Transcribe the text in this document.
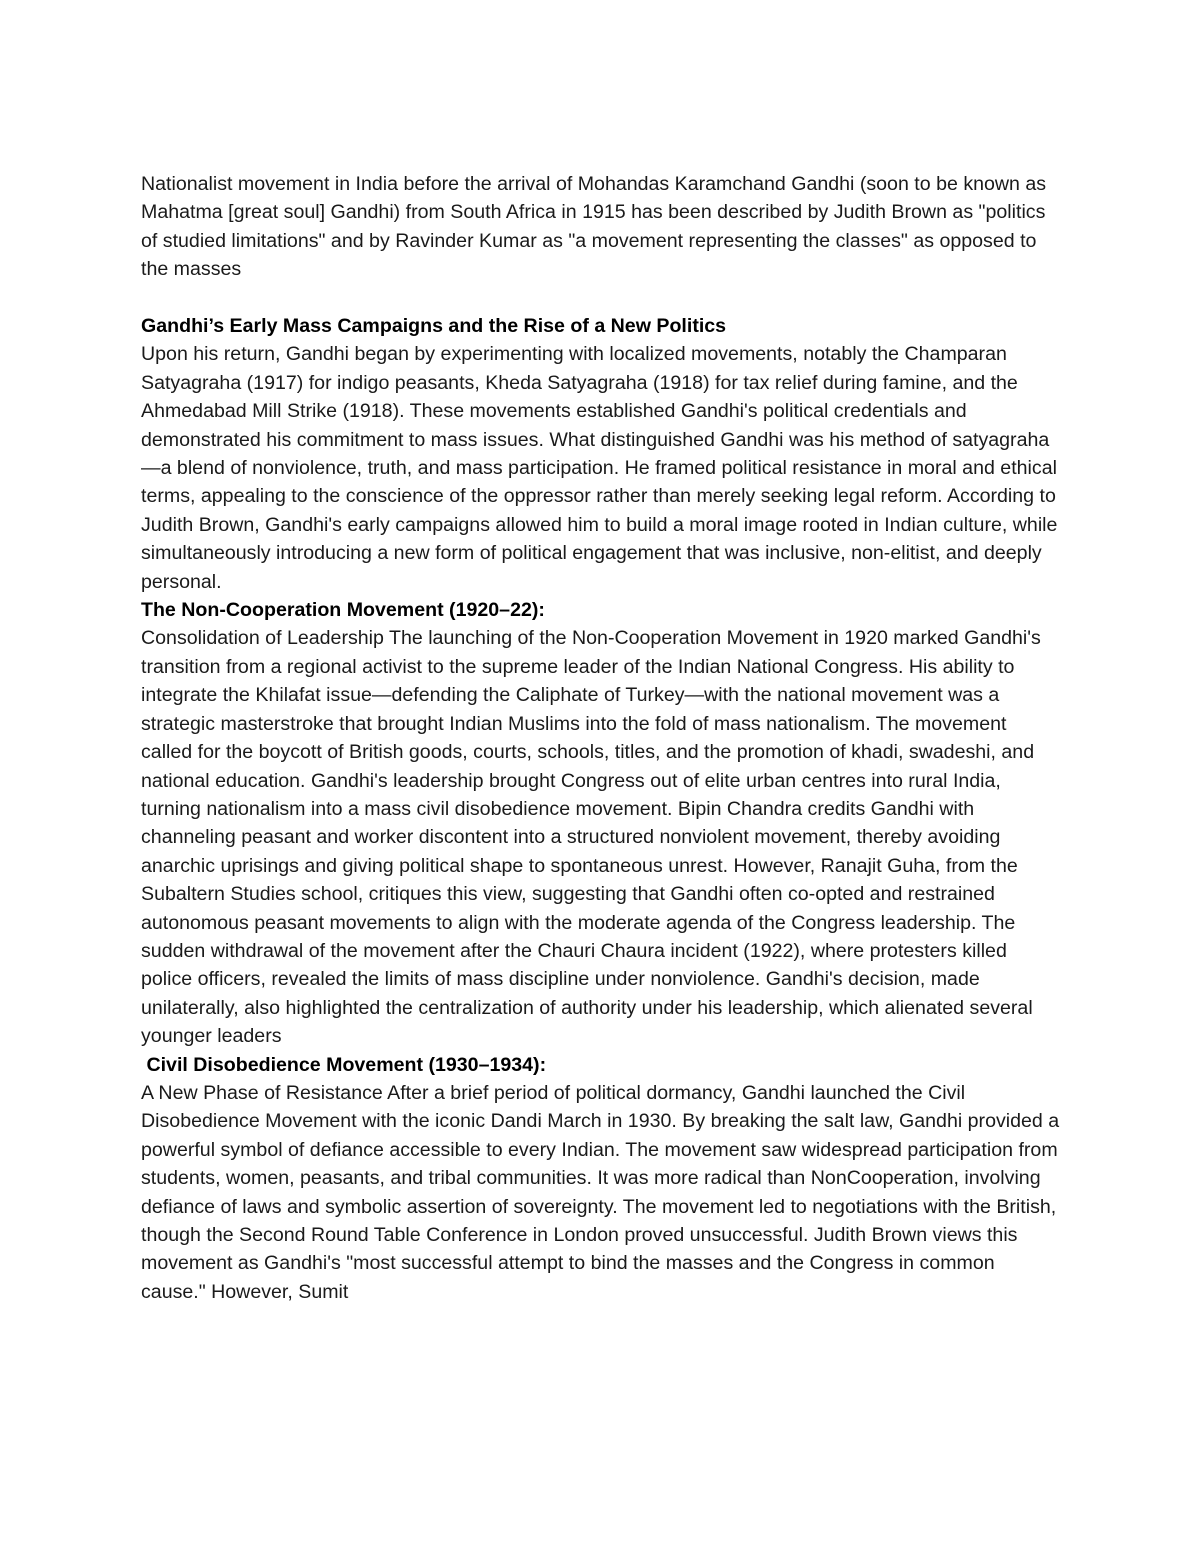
Nationalist movement in India before the arrival of Mohandas Karamchand Gandhi (soon to be known as Mahatma [great soul] Gandhi) from South Africa in 1915 has been described by Judith Brown as "politics of studied limitations" and by Ravinder Kumar as "a movement representing the classes" as opposed to the masses

Gandhi’s Early Mass Campaigns and the Rise of a New Politics

Upon his return, Gandhi began by experimenting with localized movements, notably the Champaran Satyagraha (1917) for indigo peasants, Kheda Satyagraha (1918) for tax relief during famine, and the Ahmedabad Mill Strike (1918). These movements established Gandhi's political credentials and demonstrated his commitment to mass issues. What distinguished Gandhi was his method of satyagraha—a blend of nonviolence, truth, and mass participation. He framed political resistance in moral and ethical terms, appealing to the conscience of the oppressor rather than merely seeking legal reform. According to Judith Brown, Gandhi's early campaigns allowed him to build a moral image rooted in Indian culture, while simultaneously introducing a new form of political engagement that was inclusive, non-elitist, and deeply personal.

The Non-Cooperation Movement (1920–22):

Consolidation of Leadership The launching of the Non-Cooperation Movement in 1920 marked Gandhi's transition from a regional activist to the supreme leader of the Indian National Congress. His ability to integrate the Khilafat issue—defending the Caliphate of Turkey—with the national movement was a strategic masterstroke that brought Indian Muslims into the fold of mass nationalism. The movement called for the boycott of British goods, courts, schools, titles, and the promotion of khadi, swadeshi, and national education. Gandhi's leadership brought Congress out of elite urban centres into rural India, turning nationalism into a mass civil disobedience movement. Bipin Chandra credits Gandhi with channeling peasant and worker discontent into a structured nonviolent movement, thereby avoiding anarchic uprisings and giving political shape to spontaneous unrest. However, Ranajit Guha, from the Subaltern Studies school, critiques this view, suggesting that Gandhi often co-opted and restrained autonomous peasant movements to align with the moderate agenda of the Congress leadership. The sudden withdrawal of the movement after the Chauri Chaura incident (1922), where protesters killed police officers, revealed the limits of mass discipline under nonviolence. Gandhi's decision, made unilaterally, also highlighted the centralization of authority under his leadership, which alienated several younger leaders

Civil Disobedience Movement (1930–1934):

A New Phase of Resistance After a brief period of political dormancy, Gandhi launched the Civil Disobedience Movement with the iconic Dandi March in 1930. By breaking the salt law, Gandhi provided a powerful symbol of defiance accessible to every Indian. The movement saw widespread participation from students, women, peasants, and tribal communities. It was more radical than NonCooperation, involving defiance of laws and symbolic assertion of sovereignty. The movement led to negotiations with the British, though the Second Round Table Conference in London proved unsuccessful. Judith Brown views this movement as Gandhi's "most successful attempt to bind the masses and the Congress in common cause." However, Sumit
